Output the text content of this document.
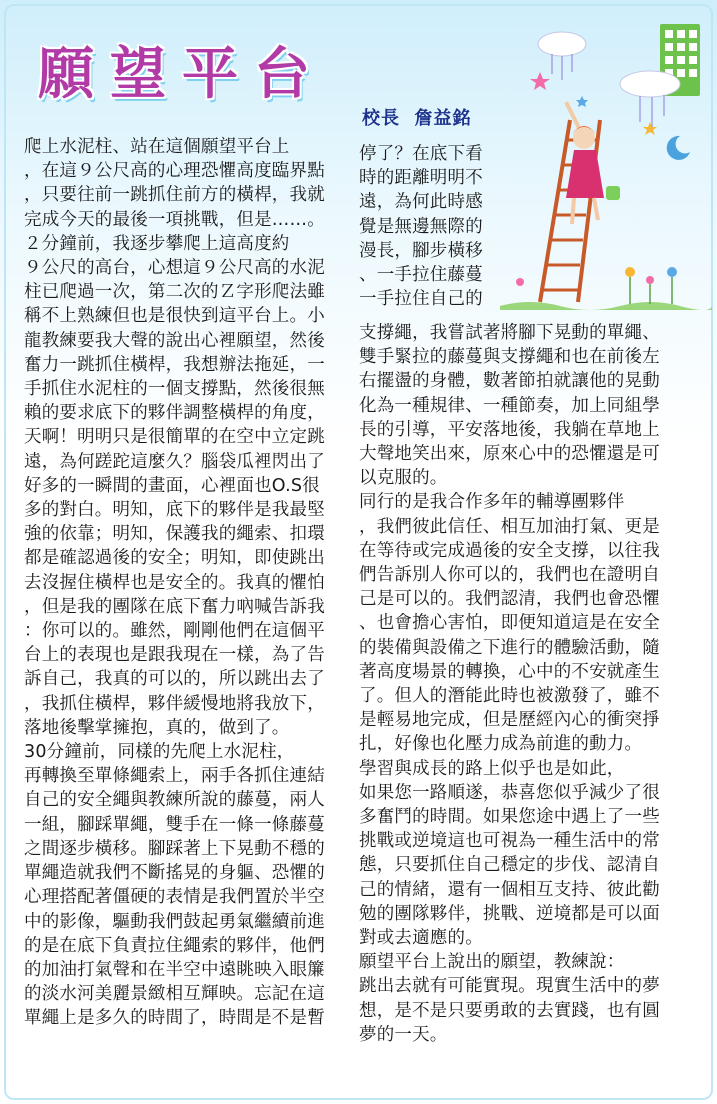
願望平台
校長  詹益銘

爬上水泥柱、站在這個願望平台上

，在這９公尺高的心理恐懼高度臨界點

，只要往前一跳抓住前方的橫桿，我就

完成今天的最後一項挑戰，但是……。

２分鐘前，我逐步攀爬上這高度約

９公尺的高台，心想這９公尺高的水泥

柱已爬過一次，第二次的Ｚ字形爬法雖

稱不上熟練但也是很快到這平台上。小

龍教練要我大聲的說出心裡願望，然後

奮力一跳抓住橫桿，我想辦法拖延，一

手抓住水泥柱的一個支撐點，然後很無

賴的要求底下的夥伴調整橫桿的角度，

天啊！明明只是很簡單的在空中立定跳

遠，為何蹉跎這麼久？腦袋瓜裡閃出了

好多的一瞬間的畫面，心裡面也O.S很

多的對白。明知，底下的夥伴是我最堅

強的依靠；明知，保護我的繩索、扣環

都是確認過後的安全；明知，即使跳出

去沒握住橫桿也是安全的。我真的懼怕

，但是我的團隊在底下奮力吶喊告訴我

：你可以的。雖然，剛剛他們在這個平

台上的表現也是跟我現在一樣，為了告

訴自己，我真的可以的，所以跳出去了

，我抓住橫桿，夥伴緩慢地將我放下，

落地後擊掌擁抱，真的，做到了。

30分鐘前，同樣的先爬上水泥柱，

再轉換至單條繩索上，兩手各抓住連結

自己的安全繩與教練所說的藤蔓，兩人

一組，腳踩單繩，雙手在一條一條藤蔓

之間逐步橫移。腳踩著上下晃動不穩的

單繩造就我們不斷搖晃的身軀、恐懼的

心理搭配著僵硬的表情是我們置於半空

中的影像，驅動我們鼓起勇氣繼續前進

的是在底下負責拉住繩索的夥伴，他們

的加油打氣聲和在半空中遠眺映入眼簾

的淡水河美麗景緻相互輝映。忘記在這

單繩上是多久的時間了，時間是不是暫

停了？在底下看

時的距離明明不

遠，為何此時感

覺是無邊無際的

漫長，腳步橫移

、一手拉住藤蔓

一手拉住自己的

支撐繩，我嘗試著將腳下晃動的單繩、

雙手緊拉的藤蔓與支撐繩和也在前後左

右擺盪的身體，數著節拍就讓他的晃動

化為一種規律、一種節奏，加上同組學

長的引導，平安落地後，我躺在草地上

大聲地笑出來，原來心中的恐懼還是可

以克服的。

同行的是我合作多年的輔導團夥伴

，我們彼此信任、相互加油打氣、更是

在等待或完成過後的安全支撐，以往我

們告訴別人你可以的，我們也在證明自

己是可以的。我們認清，我們也會恐懼

、也會擔心害怕，即便知道這是在安全

的裝備與設備之下進行的體驗活動，隨

著高度場景的轉換，心中的不安就產生

了。但人的潛能此時也被激發了，雖不

是輕易地完成，但是歷經內心的衝突掙

扎，好像也化壓力成為前進的動力。

學習與成長的路上似乎也是如此，

如果您一路順遂，恭喜您似乎減少了很

多奮鬥的時間。如果您途中遇上了一些

挑戰或逆境這也可視為一種生活中的常

態，只要抓住自己穩定的步伐、認清自

己的情緒，還有一個相互支持、彼此勸

勉的團隊夥伴，挑戰、逆境都是可以面

對或去適應的。

願望平台上說出的願望，教練說：

跳出去就有可能實現。現實生活中的夢

想，是不是只要勇敢的去實踐，也有圓

夢的一天。
